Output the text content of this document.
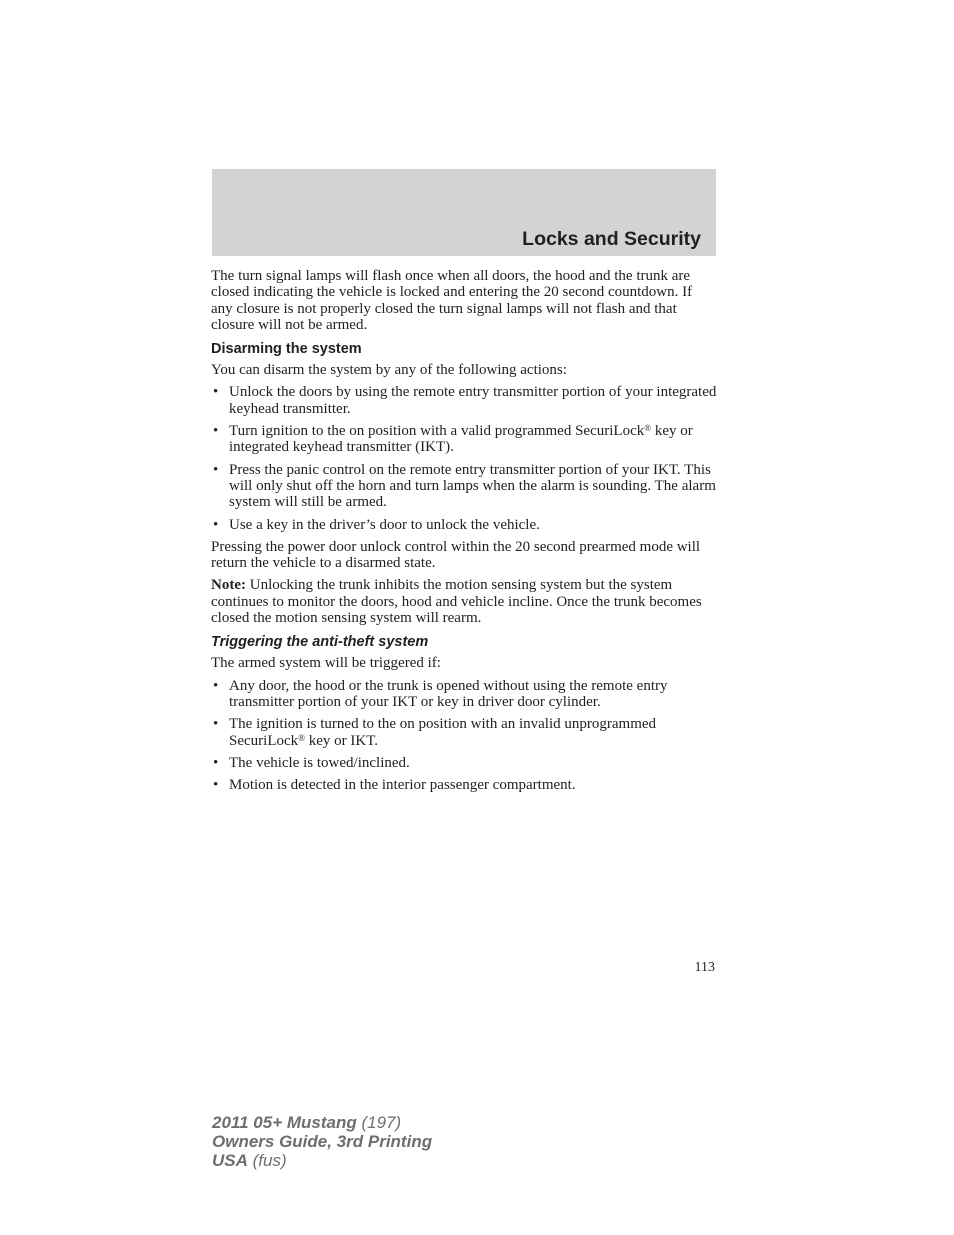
Locks and Security

The turn signal lamps will flash once when all doors, the hood and the trunk are closed indicating the vehicle is locked and entering the 20 second countdown. If any closure is not properly closed the turn signal lamps will not flash and that closure will not be armed.

Disarming the system

You can disarm the system by any of the following actions:

• Unlock the doors by using the remote entry transmitter portion of your integrated keyhead transmitter.
• Turn ignition to the on position with a valid programmed SecuriLock® key or integrated keyhead transmitter (IKT).
• Press the panic control on the remote entry transmitter portion of your IKT. This will only shut off the horn and turn lamps when the alarm is sounding. The alarm system will still be armed.
• Use a key in the driver’s door to unlock the vehicle.

Pressing the power door unlock control within the 20 second prearmed mode will return the vehicle to a disarmed state.

Note: Unlocking the trunk inhibits the motion sensing system but the system continues to monitor the doors, hood and vehicle incline. Once the trunk becomes closed the motion sensing system will rearm.

Triggering the anti-theft system

The armed system will be triggered if:

• Any door, the hood or the trunk is opened without using the remote entry transmitter portion of your IKT or key in driver door cylinder.
• The ignition is turned to the on position with an invalid unprogrammed SecuriLock® key or IKT.
• The vehicle is towed/inclined.
• Motion is detected in the interior passenger compartment.
113
2011 05+ Mustang (197)
Owners Guide, 3rd Printing
USA (fus)
